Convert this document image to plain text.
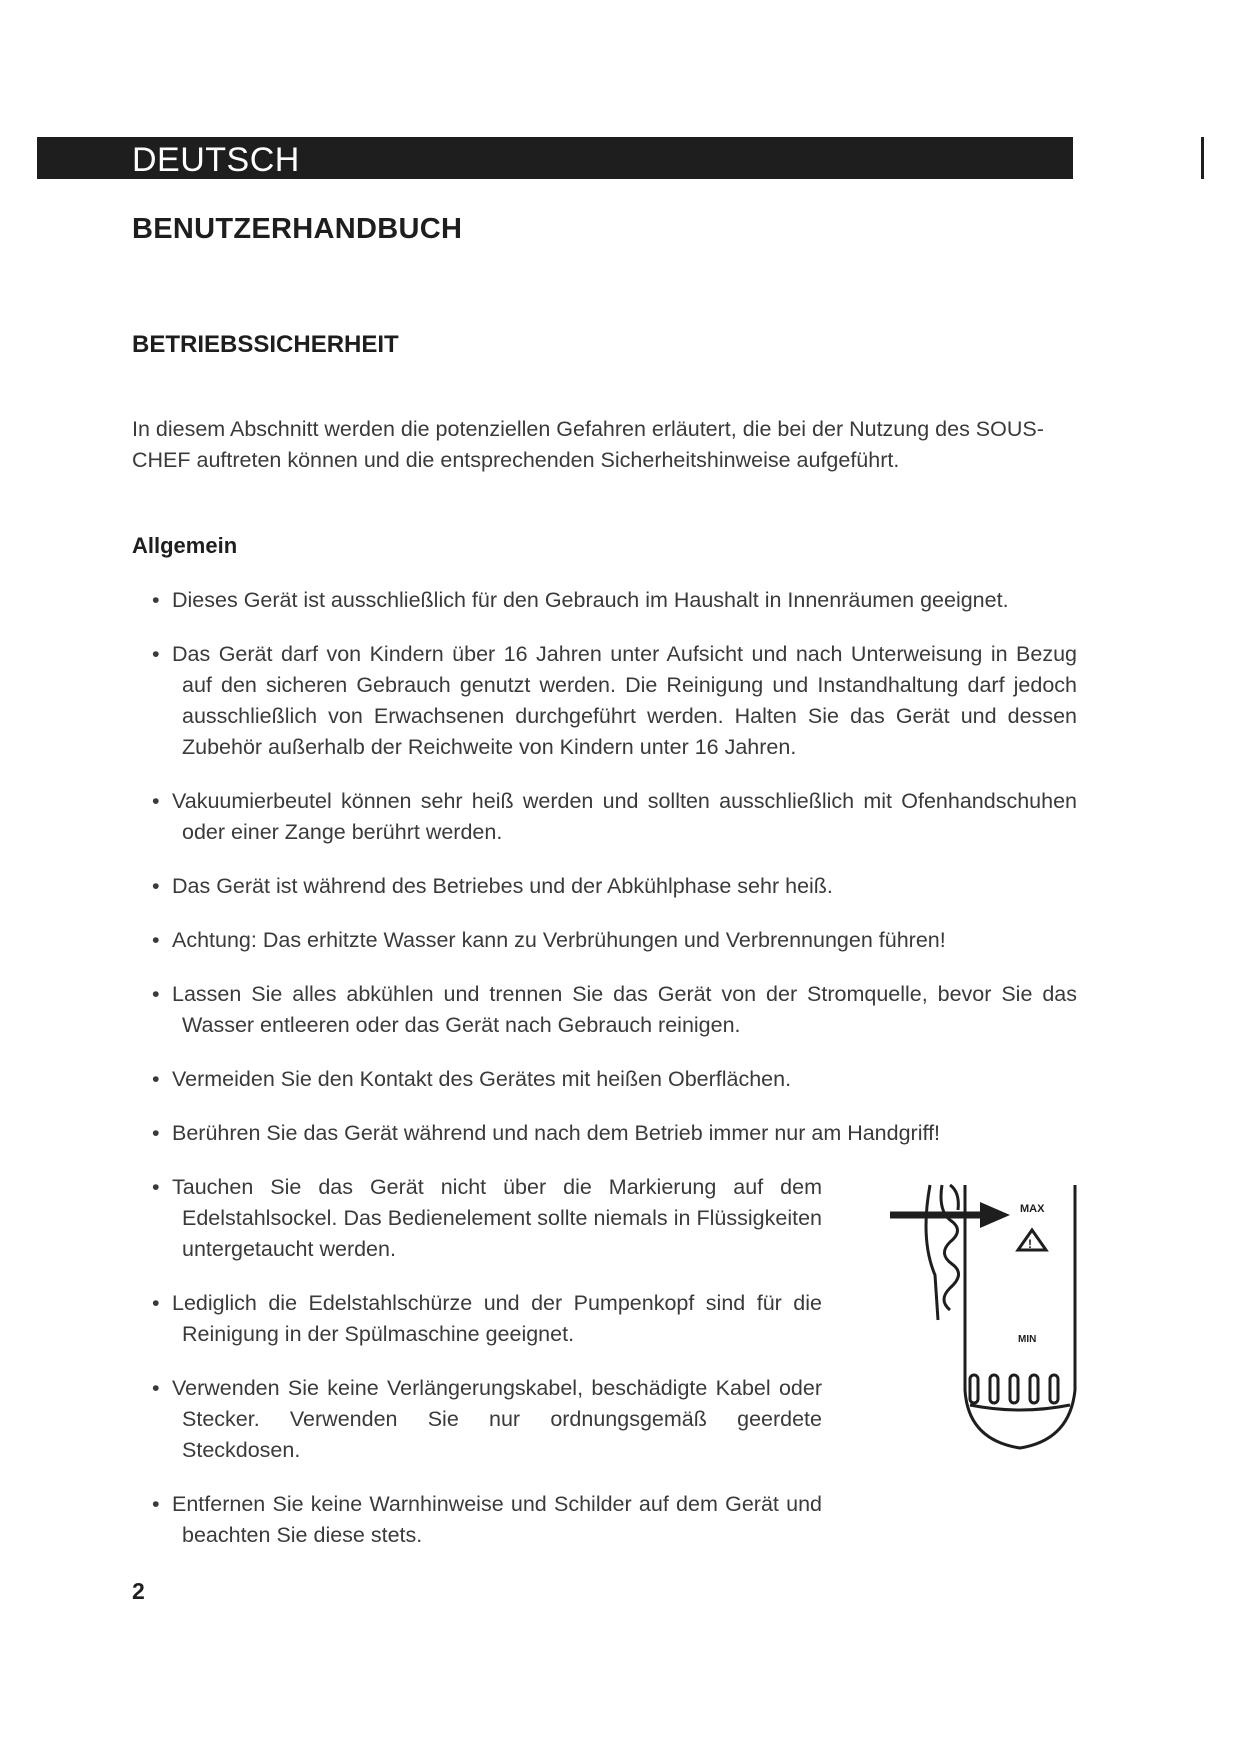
DEUTSCH
BENUTZERHANDBUCH
BETRIEBSSICHERHEIT

In diesem Abschnitt werden die potenziellen Gefahren erläutert, die bei der Nutzung des SOUS-CHEF auftreten können und die entsprechenden Sicherheitshinweise aufgeführt.

Allgemein
• Dieses Gerät ist ausschließlich für den Gebrauch im Haushalt in Innenräumen geeignet.
• Das Gerät darf von Kindern über 16 Jahren unter Aufsicht und nach Unterweisung in Bezug auf den sicheren Gebrauch genutzt werden. Die Reinigung und Instandhaltung darf jedoch ausschließlich von Erwachsenen durchgeführt werden. Halten Sie das Gerät und dessen Zubehör außerhalb der Reichweite von Kindern unter 16 Jahren.
• Vakuumierbeutel können sehr heiß werden und sollten ausschließlich mit Ofenhandschuhen oder einer Zange berührt werden.
• Das Gerät ist während des Betriebes und der Abkühlphase sehr heiß.
• Achtung: Das erhitzte Wasser kann zu Verbrühungen und Verbrennungen führen!
• Lassen Sie alles abkühlen und trennen Sie das Gerät von der Stromquelle, bevor Sie das Wasser entleeren oder das Gerät nach Gebrauch reinigen.
• Vermeiden Sie den Kontakt des Gerätes mit heißen Oberflächen.
• Berühren Sie das Gerät während und nach dem Betrieb immer nur am Handgriff!
• Tauchen Sie das Gerät nicht über die Markierung auf dem Edelstahlsockel. Das Bedienelement sollte niemals in Flüssigkeiten untergetaucht werden.
• Lediglich die Edelstahlschürze und der Pumpenkopf sind für die Reinigung in der Spülmaschine geeignet.
• Verwenden Sie keine Verlängerungskabel, beschädigte Kabel oder Stecker. Verwenden Sie nur ordnungsgemäß geerdete Steckdosen.
• Entfernen Sie keine Warnhinweise und Schilder auf dem Gerät und beachten Sie diese stets.
MAX
!
MIN

2
